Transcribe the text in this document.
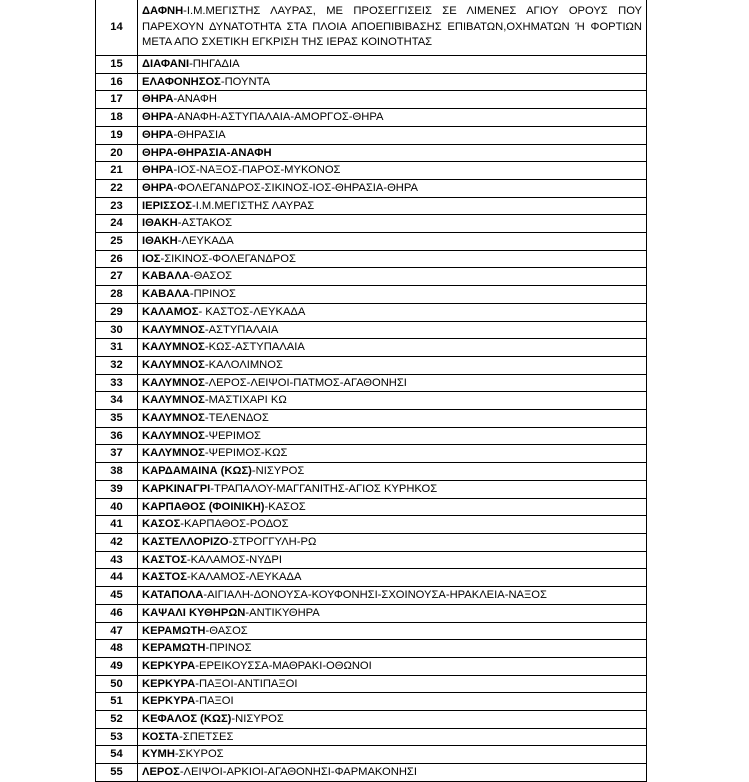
14	ΔΑΦΝΗ-Ι.Μ.ΜΕΓΙΣΤΗΣ ΛΑΥΡΑΣ, ΜΕ ΠΡΟΣΕΓΓΙΣΕΙΣ ΣΕ ΛΙΜΕΝΕΣ ΑΓΙΟΥ ΟΡΟΥΣ ΠΟΥ
ΠΑΡΕΧΟΥΝ ΔΥΝΑΤΟΤΗΤΑ ΣΤΑ ΠΛΟΙΑ ΑΠΟΕΠΙΒΙΒΑΣΗΣ ΕΠΙΒΑΤΩΝ,ΟΧΗΜΑΤΩΝ Ή ΦΟΡΤΙΩΝ
ΜΕΤΑ ΑΠΟ ΣΧΕΤΙΚΗ ΕΓΚΡΙΣΗ ΤΗΣ ΙΕΡΑΣ ΚΟΙΝΟΤΗΤΑΣ

15	ΔΙΑΦΑΝΙ-ΠΗΓΑΔΙΑ
16	ΕΛΑΦΟΝΗΣΟΣ-ΠΟΥΝΤΑ
17	ΘΗΡΑ-ΑΝΑΦΗ
18	ΘΗΡΑ-ΑΝΑΦΗ-ΑΣΤΥΠΑΛΑΙΑ-ΑΜΟΡΓΟΣ-ΘΗΡΑ
19	ΘΗΡΑ-ΘΗΡΑΣΙΑ
20	ΘΗΡΑ-ΘΗΡΑΣΙΑ-ΑΝΑΦΗ
21	ΘΗΡΑ-ΙΟΣ-ΝΑΞΟΣ-ΠΑΡΟΣ-ΜΥΚΟΝΟΣ
22	ΘΗΡΑ-ΦΟΛΕΓΑΝΔΡΟΣ-ΣΙΚΙΝΟΣ-ΙΟΣ-ΘΗΡΑΣΙΑ-ΘΗΡΑ
23	ΙΕΡΙΣΣΟΣ-Ι.Μ.ΜΕΓΙΣΤΗΣ ΛΑΥΡΑΣ
24	ΙΘΑΚΗ-ΑΣΤΑΚΟΣ
25	ΙΘΑΚΗ-ΛΕΥΚΑΔΑ
26	ΙΟΣ-ΣΙΚΙΝΟΣ-ΦΟΛΕΓΑΝΔΡΟΣ
27	ΚΑΒΑΛΑ-ΘΑΣΟΣ
28	ΚΑΒΑΛΑ-ΠΡΙΝΟΣ
29	ΚΑΛΑΜΟΣ- ΚΑΣΤΟΣ-ΛΕΥΚΑΔΑ
30	ΚΑΛΥΜΝΟΣ-ΑΣΤΥΠΑΛΑΙΑ
31	ΚΑΛΥΜΝΟΣ-ΚΩΣ-ΑΣΤΥΠΑΛΑΙΑ
32	ΚΑΛΥΜΝΟΣ-ΚΑΛΟΛΙΜΝΟΣ
33	ΚΑΛΥΜΝΟΣ-ΛΕΡΟΣ-ΛΕΙΨΟΙ-ΠΑΤΜΟΣ-ΑΓΑΘΟΝΗΣΙ
34	ΚΑΛΥΜΝΟΣ-ΜΑΣΤΙΧΑΡΙ ΚΩ
35	ΚΑΛΥΜΝΟΣ-ΤΕΛΕΝΔΟΣ
36	ΚΑΛΥΜΝΟΣ-ΨΕΡΙΜΟΣ
37	ΚΑΛΥΜΝΟΣ-ΨΕΡΙΜΟΣ-ΚΩΣ
38	ΚΑΡΔΑΜΑΙΝΑ (ΚΩΣ)-ΝΙΣΥΡΟΣ
39	ΚΑΡΚΙΝΑΓΡΙ-ΤΡΑΠΑΛΟΥ-ΜΑΓΓΑΝΙΤΗΣ-ΑΓΙΟΣ ΚΥΡΗΚΟΣ
40	ΚΑΡΠΑΘΟΣ (ΦΟΙΝΙΚΗ)-ΚΑΣΟΣ
41	ΚΑΣΟΣ-ΚΑΡΠΑΘΟΣ-ΡΟΔΟΣ
42	ΚΑΣΤΕΛΛΟΡΙΖΟ-ΣΤΡΟΓΓΥΛΗ-ΡΩ
43	ΚΑΣΤΟΣ-ΚΑΛΑΜΟΣ-ΝΥΔΡΙ
44	ΚΑΣΤΟΣ-ΚΑΛΑΜΟΣ-ΛΕΥΚΑΔΑ
45	ΚΑΤΑΠΟΛΑ-ΑΙΓΙΑΛΗ-ΔΟΝΟΥΣΑ-ΚΟΥΦΟΝΗΣΙ-ΣΧΟΙΝΟΥΣΑ-ΗΡΑΚΛΕΙΑ-ΝΑΞΟΣ
46	ΚΑΨΑΛΙ ΚΥΘΗΡΩΝ-ΑΝΤΙΚΥΘΗΡΑ
47	ΚΕΡΑΜΩΤΗ-ΘΑΣΟΣ
48	ΚΕΡΑΜΩΤΗ-ΠΡΙΝΟΣ
49	ΚΕΡΚΥΡΑ-ΕΡΕΙΚΟΥΣΣΑ-ΜΑΘΡΑΚΙ-ΟΘΩΝΟΙ
50	ΚΕΡΚΥΡΑ-ΠΑΞΟΙ-ΑΝΤΙΠΑΞΟΙ
51	ΚΕΡΚΥΡΑ-ΠΑΞΟΙ
52	ΚΕΦΑΛΟΣ (ΚΩΣ)-ΝΙΣΥΡΟΣ
53	ΚΟΣΤΑ-ΣΠΕΤΣΕΣ
54	ΚΥΜΗ-ΣΚΥΡΟΣ
55	ΛΕΡΟΣ-ΛΕΙΨΟΙ-ΑΡΚΙΟΙ-ΑΓΑΘΟΝΗΣΙ-ΦΑΡΜΑΚΟΝΗΣΙ
